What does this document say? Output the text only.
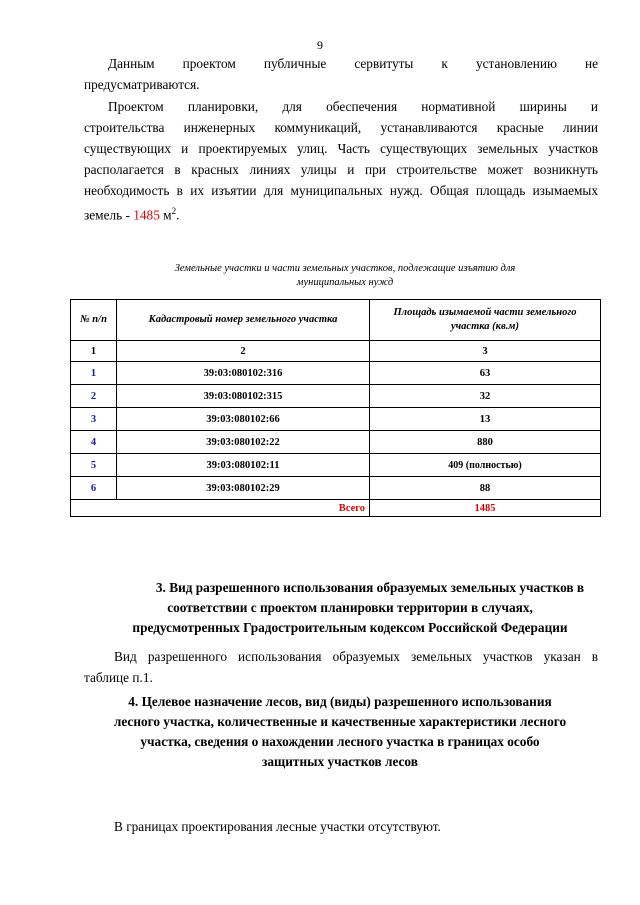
9
Данным проектом публичные сервитуты к установлению не
предусматриваются.
Проектом планировки, для обеспечения нормативной ширины и
строительства инженерных коммуникаций, устанавливаются красные линии
существующих и проектируемых улиц. Часть существующих земельных участков
располагается в красных линиях улицы и при строительстве может возникнуть
необходимость в их изъятии для муниципальных нужд. Общая площадь изымаемых
земель - 1485 $м^2$.
Земельные участки и части земельных участков, подлежащие изъятию для
муниципальных нужд
№ п/п	Кадастровый номер земельного участка	Площадь изымаемой части земельного участка (кв.м)
1	2	3
1	39:03:080102:316	63
2	39:03:080102:315	32
3	39:03:080102:66	13
4	39:03:080102:22	880
5	39:03:080102:11	409 (полностью)
6	39:03:080102:29	88
Всего		1485
3. Вид разрешенного использования образуемых земельных участков в
соответствии с проектом планировки территории в случаях,
предусмотренных Градостроительным кодексом Российской Федерации
Вид разрешенного использования образуемых земельных участков указан в
таблице п.1.
4. Целевое назначение лесов, вид (виды) разрешенного использования
лесного участка, количественные и качественные характеристики лесного
участка, сведения о нахождении лесного участка в границах особо
защитных участков лесов
В границах проектирования лесные участки отсутствуют.
